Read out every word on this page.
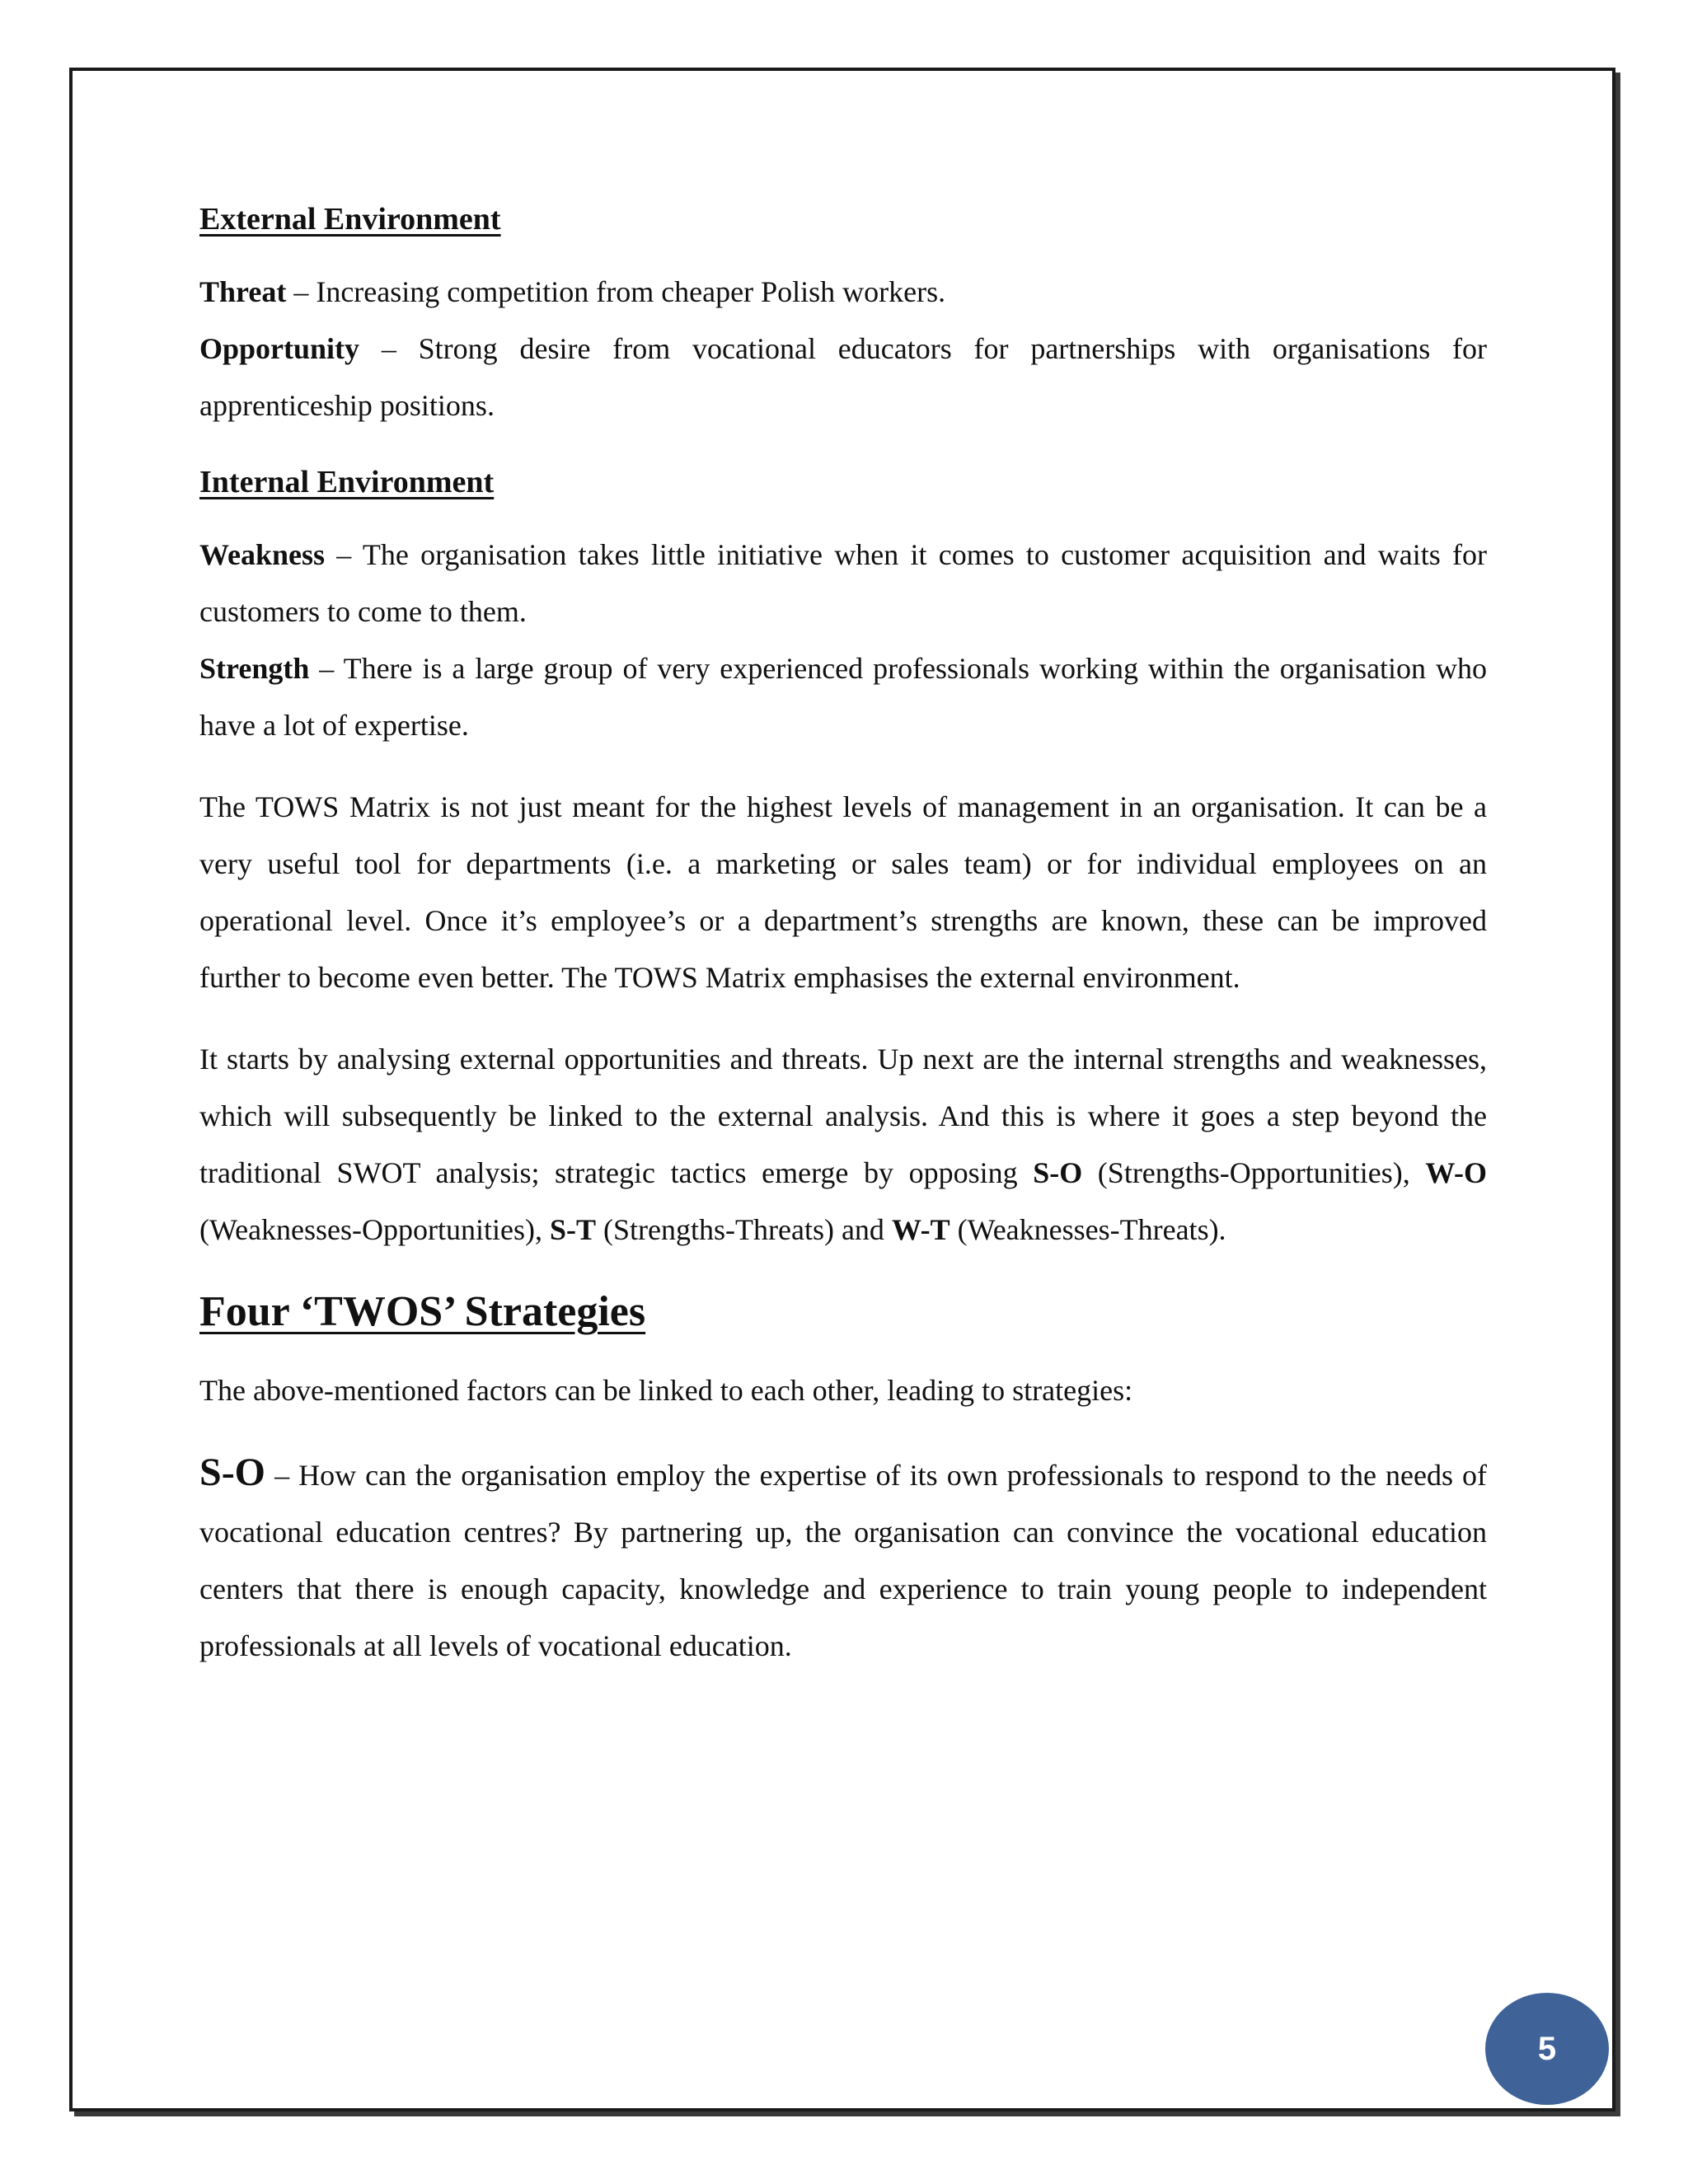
External Environment

Threat – Increasing competition from cheaper Polish workers.

Opportunity – Strong desire from vocational educators for partnerships with organisations for apprenticeship positions.

Internal Environment

Weakness – The organisation takes little initiative when it comes to customer acquisition and waits for customers to come to them.

Strength – There is a large group of very experienced professionals working within the organisation who have a lot of expertise.

The TOWS Matrix is not just meant for the highest levels of management in an organisation. It can be a very useful tool for departments (i.e. a marketing or sales team) or for individual employees on an operational level. Once it’s employee’s or a department’s strengths are known, these can be improved further to become even better. The TOWS Matrix emphasises the external environment.

It starts by analysing external opportunities and threats. Up next are the internal strengths and weaknesses, which will subsequently be linked to the external analysis. And this is where it goes a step beyond the traditional SWOT analysis; strategic tactics emerge by opposing S-O (Strengths-Opportunities), W-O (Weaknesses-Opportunities), S-T (Strengths-Threats) and W-T (Weaknesses-Threats).

Four ‘TWOS’ Strategies

The above-mentioned factors can be linked to each other, leading to strategies:

S-O – How can the organisation employ the expertise of its own professionals to respond to the needs of vocational education centres? By partnering up, the organisation can convince the vocational education centers that there is enough capacity, knowledge and experience to train young people to independent professionals at all levels of vocational education.

5
